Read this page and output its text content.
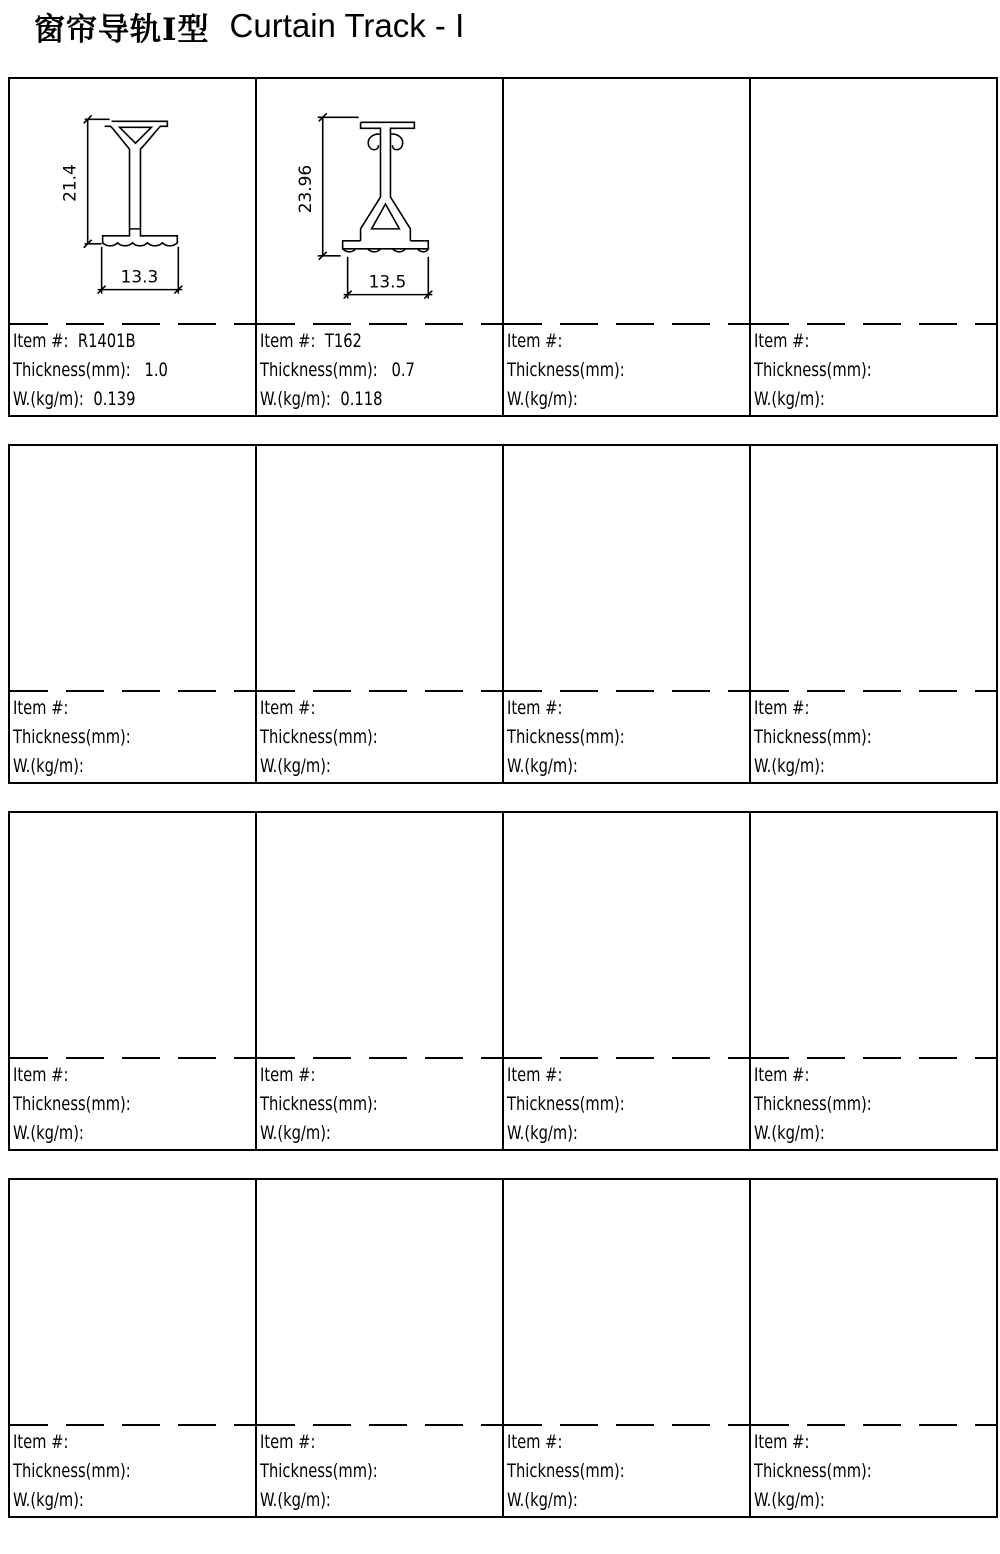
窗帘导轨I型 Curtain Track - I
21.4
13.3
Item #: R1401B
Thickness(mm): 1.0
W.(kg/m): 0.139
23.96
13.5
Item #: T162
Thickness(mm): 0.7
W.(kg/m): 0.118
Item #:
Thickness(mm):
W.(kg/m):
Item #:
Thickness(mm):
W.(kg/m):
Item #:
Thickness(mm):
W.(kg/m):
Item #:
Thickness(mm):
W.(kg/m):
Item #:
Thickness(mm):
W.(kg/m):
Item #:
Thickness(mm):
W.(kg/m):
Item #:
Thickness(mm):
W.(kg/m):
Item #:
Thickness(mm):
W.(kg/m):
Item #:
Thickness(mm):
W.(kg/m):
Item #:
Thickness(mm):
W.(kg/m):
Item #:
Thickness(mm):
W.(kg/m):
Item #:
Thickness(mm):
W.(kg/m):
Item #:
Thickness(mm):
W.(kg/m):
Item #:
Thickness(mm):
W.(kg/m):
